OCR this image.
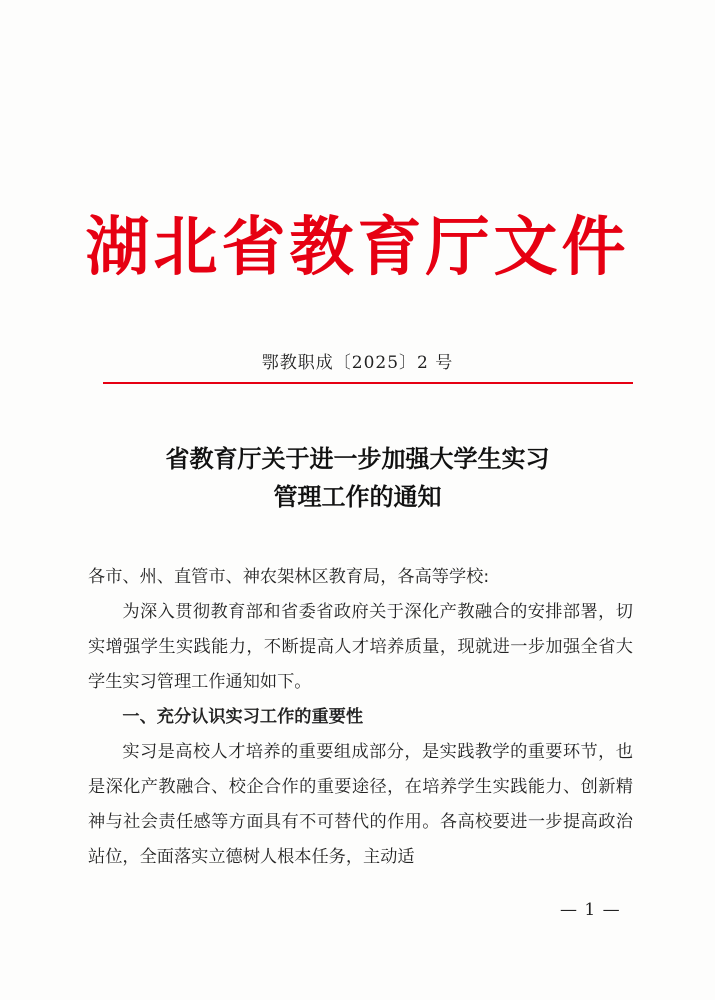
湖北省教育厅文件
鄂教职成〔2025〕2 号
省教育厅关于进一步加强大学生实习
管理工作的通知

各市、州、直管市、神农架林区教育局，各高等学校:

为深入贯彻教育部和省委省政府关于深化产教融合的安排部署，切实增强学生实践能力，不断提高人才培养质量，现就进一步加强全省大学生实习管理工作通知如下。

一、充分认识实习工作的重要性

实习是高校人才培养的重要组成部分，是实践教学的重要环节，也是深化产教融合、校企合作的重要途径，在培养学生实践能力、创新精神与社会责任感等方面具有不可替代的作用。各高校要进一步提高政治站位，全面落实立德树人根本任务，主动适

— 1 —
